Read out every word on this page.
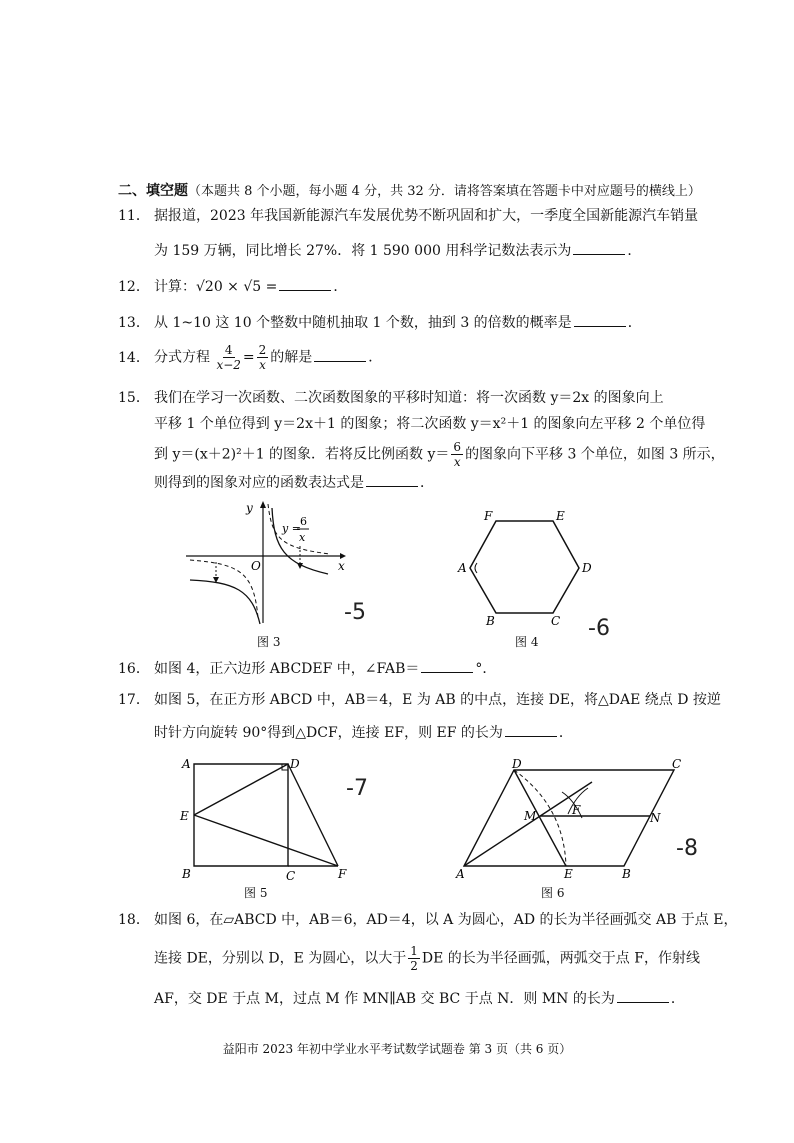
二、填空题（本题共 8 个小题，每小题 4 分，共 32 分．请将答案填在答题卡中对应题号的横线上）
11． 据报道，2023 年我国新能源汽车发展优势不断巩固和扩大，一季度全国新能源汽车销量
为 159 万辆，同比增长 27%．将 1 590 000 用科学记数法表示为	．
12． 计算：√20 × √5 =	．
13． 从 1~10 这 10 个整数中随机抽取 1 个数，抽到 3 的倍数的概率是	．
14． 分式方程 $\frac{4}{x-2} = \frac{2}{x}$ 的解是	．
15． 我们在学习一次函数、二次函数图象的平移时知道：将一次函数 y＝2x 的图象向上
平移 1 个单位得到 y＝2x＋1 的图象；将二次函数 y＝x²＋1 的图象向左平移 2 个单位得
到 y＝(x＋2)²＋1 的图象．若将反比例函数 $y= \frac{6}{x}$ 的图象向下平移 3 个单位，如图 3 所示，
则得到的图象对应的函数表达式是	．
y
x
O
y =
6
x
图 3
-5
A
B	C
D
E
F
图 4
-6
16． 如图 4，正六边形 ABCDEF 中，∠FAB＝	°．
17． 如图 5，在正方形 ABCD 中，AB＝4，E 为 AB 的中点，连接 DE，将△DAE 绕点 D 按逆
时针方向旋转 90°得到△DCF，连接 EF，则 EF 的长为	．
A	D
E
B	C	F
图 5
-7
D	C
F
M	N
A	E	B
图 6
-8
18． 如图 6，在▱ABCD 中，AB＝6，AD＝4，以 A 为圆心，AD 的长为半径画弧交 AB 于点 E，
连接 DE，分别以 D，E 为圆心，以大于 $\frac{1}{2}$ DE 的长为半径画弧，两弧交于点 F，作射线
AF，交 DE 于点 M，过点 M 作 MN∥AB 交 BC 于点 N．则 MN 的长为	．
益阳市 2023 年初中学业水平考试数学试题卷 第 3 页（共 6 页）
